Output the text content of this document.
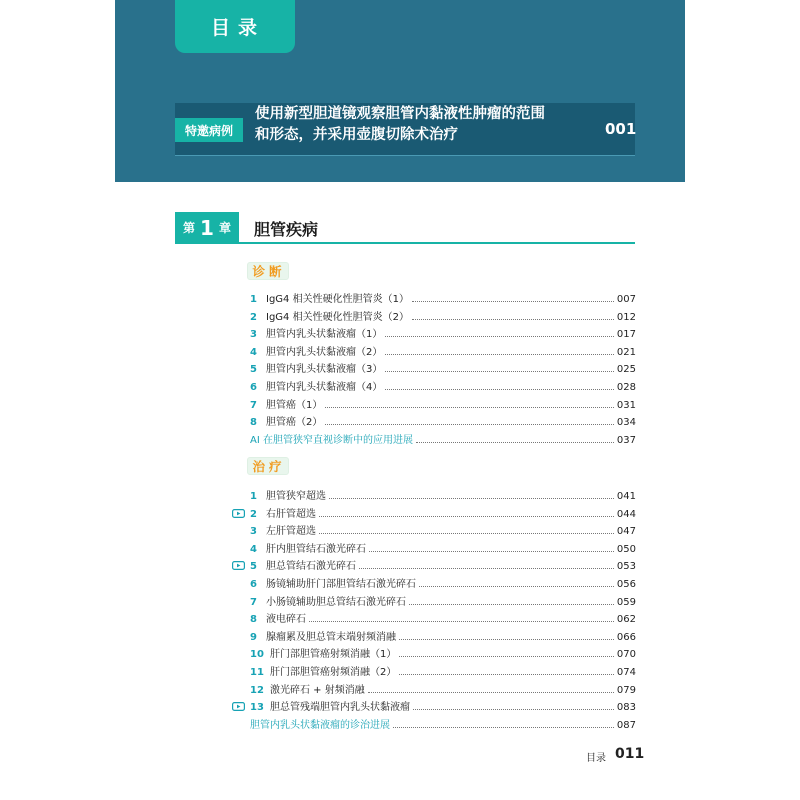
目录
特邀病例

使用新型胆道镜观察胆管内黏液性肿瘤的范围
和形态，并采用壶腹切除术治疗	001
第 1 章 胆管疾病
诊断
1 IgG4 相关性硬化性胆管炎（1）	007
2 IgG4 相关性硬化性胆管炎（2）	012
3 胆管内乳头状黏液瘤（1）	017
4 胆管内乳头状黏液瘤（2）	021
5 胆管内乳头状黏液瘤（3）	025
6 胆管内乳头状黏液瘤（4）	028
7 胆管癌（1）	031
8 胆管癌（2）	034
AI 在胆管狭窄直视诊断中的应用进展	037
治疗
1 胆管狭窄超选	041
2 右肝管超选	044
3 左肝管超选	047
4 肝内胆管结石激光碎石	050
5 胆总管结石激光碎石	053
6 肠镜辅助肝门部胆管结石激光碎石	056
7 小肠镜辅助胆总管结石激光碎石	059
8 液电碎石	062
9 腺瘤累及胆总管末端射频消融	066
10 肝门部胆管癌射频消融（1）	070
11 肝门部胆管癌射频消融（2）	074
12 激光碎石 + 射频消融	079
13 胆总管残端胆管内乳头状黏液瘤	083
胆管内乳头状黏液瘤的诊治进展	087
目录 011
